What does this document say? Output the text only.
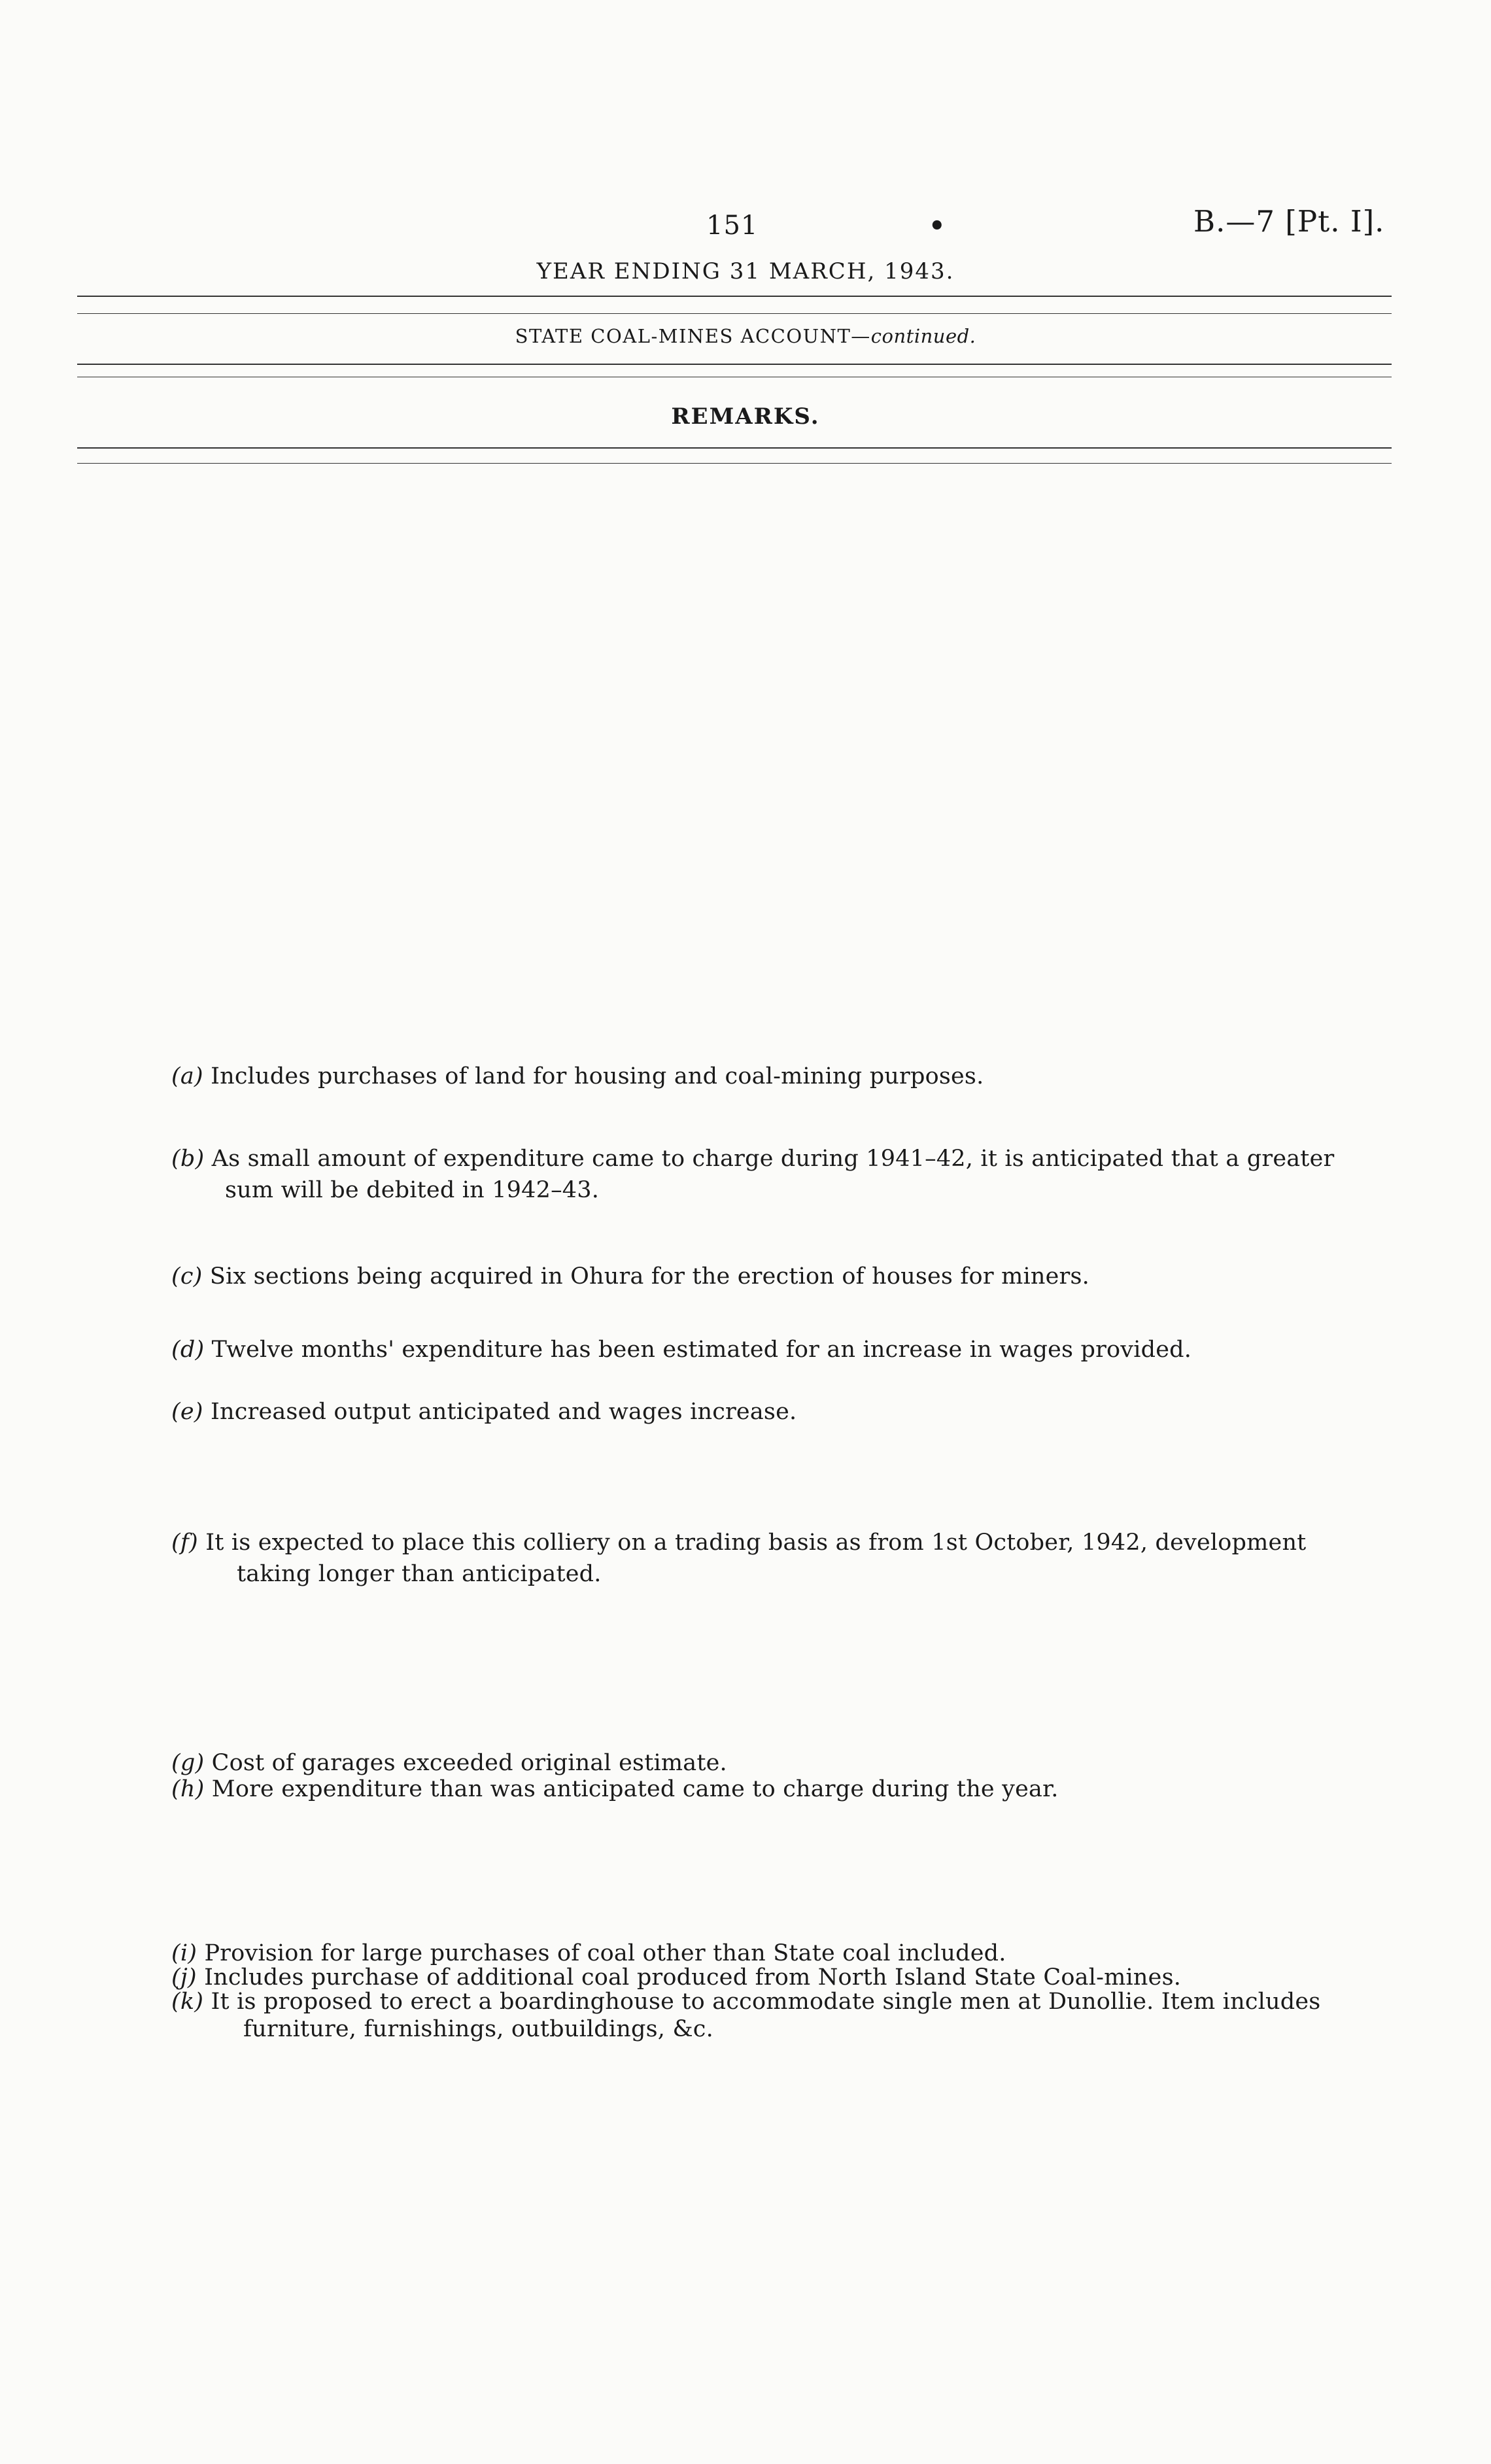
151	•	B.—7 [Pt. I].
YEAR ENDING 31 MARCH, 1943.
STATE COAL-MINES ACCOUNT—continued.
REMARKS.
(a) Includes purchases of land for housing and coal-mining purposes.
(b) As small amount of expenditure came to charge during 1941–42, it is anticipated that a greater
sum will be debited in 1942–43.
(c) Six sections being acquired in Ohura for the erection of houses for miners.
(d) Twelve months' expenditure has been estimated for an increase in wages provided.
(e) Increased output anticipated and wages increase.
(f) It is expected to place this colliery on a trading basis as from 1st October, 1942, development
taking longer than anticipated.
(g) Cost of garages exceeded original estimate.
(h) More expenditure than was anticipated came to charge during the year.
(i) Provision for large purchases of coal other than State coal included.
(j) Includes purchase of additional coal produced from North Island State Coal-mines.
(k) It is proposed to erect a boardinghouse to accommodate single men at Dunollie. Item includes
furniture, furnishings, outbuildings, &c.
